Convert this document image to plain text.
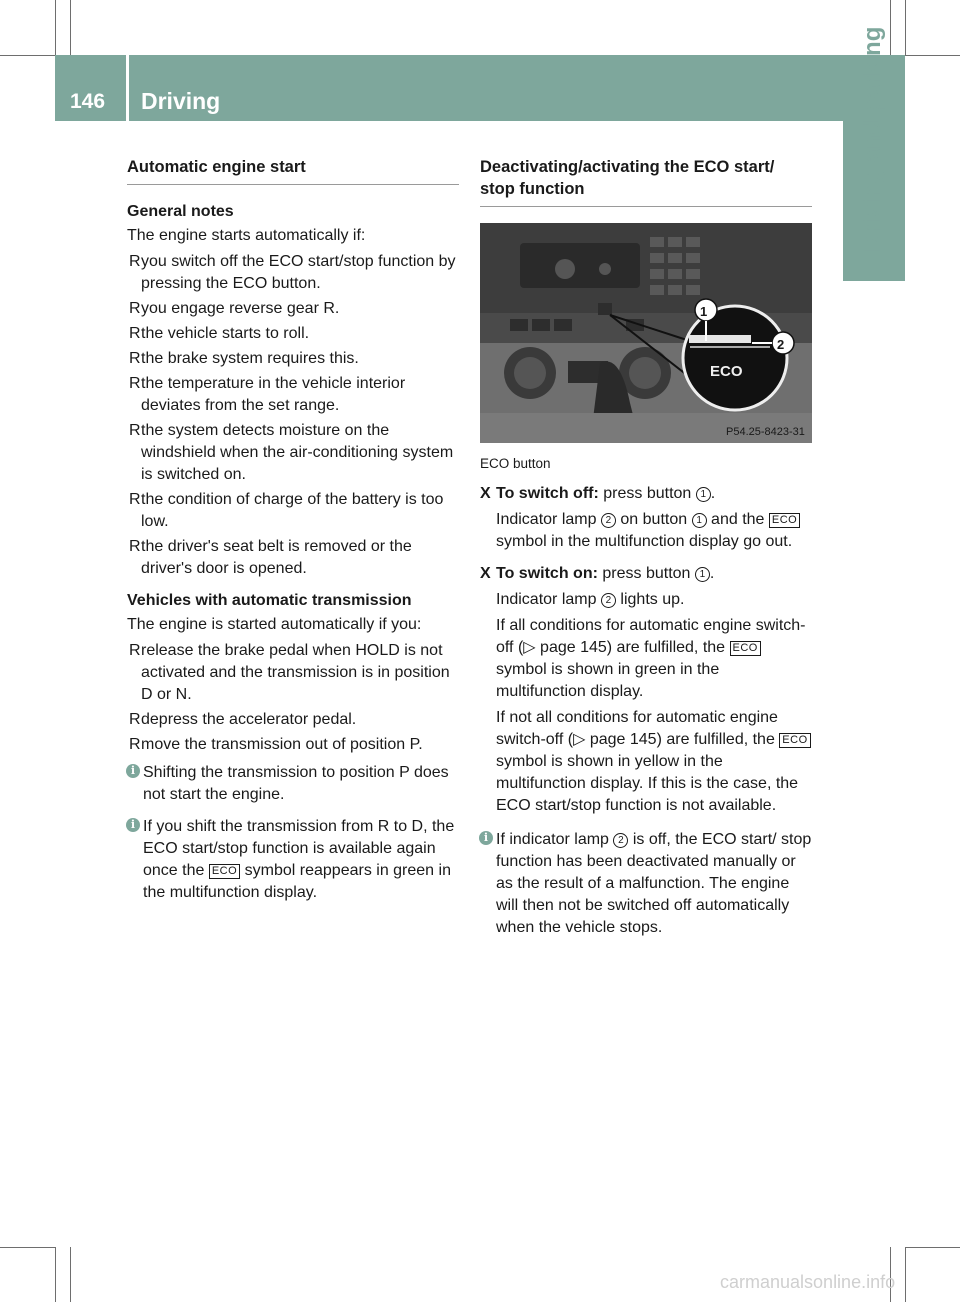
146 Driving	Driving and parking
Automatic engine start
General notes

The engine starts automatically if:

R you switch off the ECO start/stop function by pressing the ECO button.
R you engage reverse gear R.
R the vehicle starts to roll.
R the brake system requires this.
R the temperature in the vehicle interior deviates from the set range.
R the system detects moisture on the windshield when the air-conditioning system is switched on.
R the condition of charge of the battery is too low.
R the driver's seat belt is removed or the driver's door is opened.
Vehicles with automatic transmission

The engine is started automatically if you:

R release the brake pedal when HOLD is not activated and the transmission is in position D or N.
R depress the accelerator pedal.
R move the transmission out of position P.
i Shifting the transmission to position P does not start the engine.
i If you shift the transmission from R to D, the ECO start/stop function is available again once the ECO symbol reappears in green in the multifunction display.
Deactivating/activating the ECO start/ stop function
1
2
ECO
P54.25-8423-31
ECO button
X To switch off: press button 1 .
Indicator lamp 2 on button 1 and the ECO symbol in the multifunction display go out.
X To switch on: press button 1 .
Indicator lamp 2 lights up.
If all conditions for automatic engine switch-off (▷ page 145) are fulfilled, the ECO symbol is shown in green in the multifunction display.
If not all conditions for automatic engine switch-off (▷ page 145) are fulfilled, the ECO symbol is shown in yellow in the multifunction display. If this is the case, the ECO start/stop function is not available.
i If indicator lamp 2 is off, the ECO start/ stop function has been deactivated manually or as the result of a malfunction. The engine will then not be switched off automatically when the vehicle stops.
carmanualsonline.info
